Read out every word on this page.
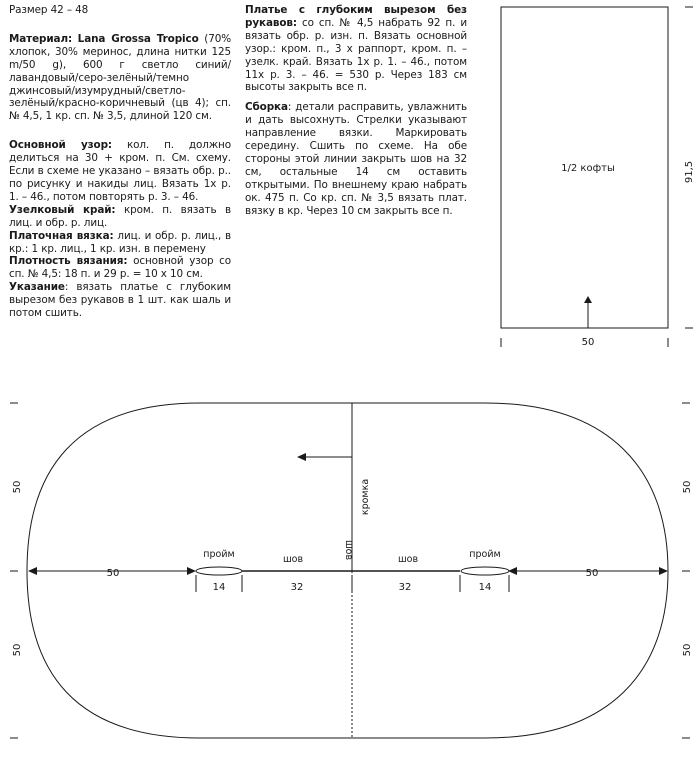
Размер 42 – 48

Материал: Lana Grossa Tropico (70% хлопок, 30% меринос, длина нитки 125 m/50 g), 600 г светло синий/лавандовый/серо-зелёный/темно джинсовый/изумрудный/светло-зелёный/красно-коричневый (цв 4); сп. № 4,5, 1 кр. сп. № 3,5, длиной 120 см.

Основной узор: кол. п. должно делиться на 30 + кром. п. См. схему. Если в схеме не указано – вязать обр. р.. по рисунку и накиды лиц. Вязать 1х р. 1. – 46., потом повторять р. 3. – 46.

Узелковый край: кром. п. вязать в лиц. и обр. р. лиц.

Платочная вязка: лиц. и обр. р. лиц., в кр.: 1 кр. лиц., 1 кр. изн. в перемену

Плотность вязания: основной узор со сп. № 4,5: 18 п. и 29 р. = 10 х 10 см.

Указание: вязать платье с глубоким вырезом без рукавов в 1 шт. как шаль и потом сшить.

Платье с глубоким вырезом без рукавов: со сп. № 4,5 набрать 92 п. и вязать обр. р. изн. п. Вязать основной узор.: кром. п., 3 х раппорт, кром. п. – узелк. край. Вязать 1х р. 1. – 46., потом 11х р. 3. – 46. = 530 р. Через 183 см высоты закрыть все п.

Сборка: детали расправить, увлажнить и дать высохнуть. Стрелки указывают направление вязки. Маркировать середину. Сшить по схеме. На обе стороны этой линии закрыть шов на 32 см, остальные 14 см оставить открытыми. По внешнему краю набрать ок. 475 п. Со кр. сп. № 3,5 вязать плат. вязку в кр. Через 10 см закрыть все п.

1/2 кофты	91,5
50
50
50
50
50
50	50
пройм	пройм
14	14
шов	шов
32	32
шов
кромка
